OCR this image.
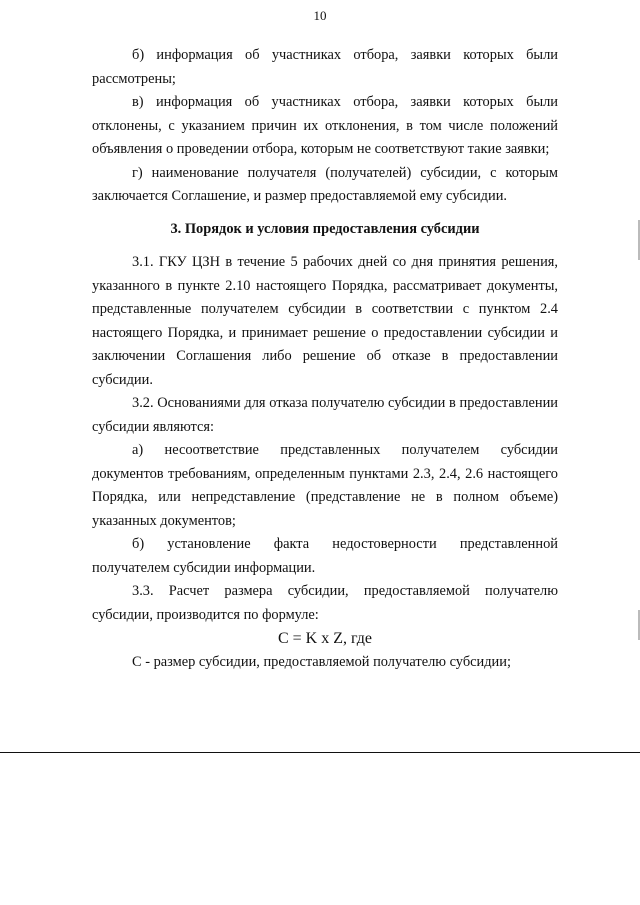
10

б) информация об участниках отбора, заявки которых были рассмотрены;

в) информация об участниках отбора, заявки которых были отклонены, с указанием причин их отклонения, в том числе положений объявления о проведении отбора, которым не соответствуют такие заявки;

г) наименование получателя (получателей) субсидии, с которым заключается Соглашение, и размер предоставляемой ему субсидии.

3. Порядок и условия предоставления субсидии

3.1. ГКУ ЦЗН в течение 5 рабочих дней со дня принятия решения, указанного в пункте 2.10 настоящего Порядка, рассматривает документы, представленные получателем субсидии в соответствии с пунктом 2.4 настоящего Порядка, и принимает решение о предоставлении субсидии и заключении Соглашения либо решение об отказе в предоставлении субсидии.

3.2. Основаниями для отказа получателю субсидии в предоставлении субсидии являются:

а) несоответствие представленных получателем субсидии документов требованиям, определенным пунктами 2.3, 2.4, 2.6 настоящего Порядка, или непредставление (представление не в полном объеме) указанных документов;

б) установление факта недостоверности представленной получателем субсидии информации.

3.3. Расчет размера субсидии, предоставляемой получателю субсидии, производится по формуле:

C = K x Z, где

С - размер субсидии, предоставляемой получателю субсидии;
